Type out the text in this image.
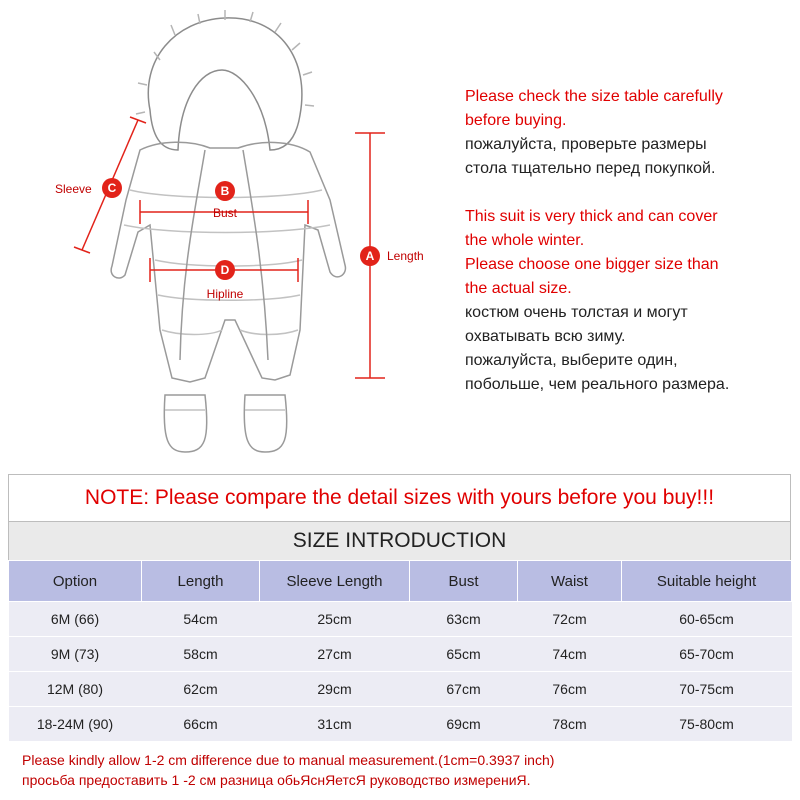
A Length
B
Bust
C
Sleeve
D
Hipline
Please check the size table carefully
before buying.
пожалуйста, проверьте размеры
стола тщательно перед покупкой.
This suit is very thick and can cover
the whole winter.
Please choose one bigger size than
the actual size.
костюм очень толстая и могут
охватывать всю зиму.
пожалуйста, выберите один,
побольше, чем реального размера.
NOTE: Please compare the detail sizes with yours before you buy!!!
SIZE INTRODUCTION
Option	Length	Sleeve Length	Bust	Waist	Suitable height
6M (66)	54cm	25cm	63cm	72cm	60-65cm
9M (73)	58cm	27cm	65cm	74cm	65-70cm
12M (80)	62cm	29cm	67cm	76cm	70-75cm
18-24M (90)	66cm	31cm	69cm	78cm	75-80cm
Please kindly allow 1-2 cm difference due to manual measurement.(1cm=0.3937 inch)
просьба предоставить 1 -2 см разница обьЯснЯетсЯ руководство измерениЯ.
